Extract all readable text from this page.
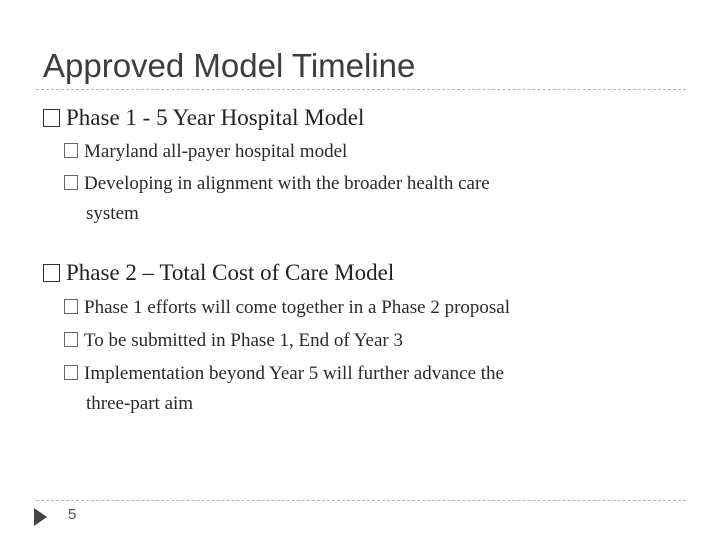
Approved Model Timeline
Phase 1 - 5 Year Hospital Model
Maryland all-payer hospital model
Developing in alignment with the broader health care
system
Phase 2 – Total Cost of Care Model
Phase 1 efforts will come together in a Phase 2 proposal
To be submitted in Phase 1, End of Year 3
Implementation beyond Year 5 will further advance the
three-part aim
5
